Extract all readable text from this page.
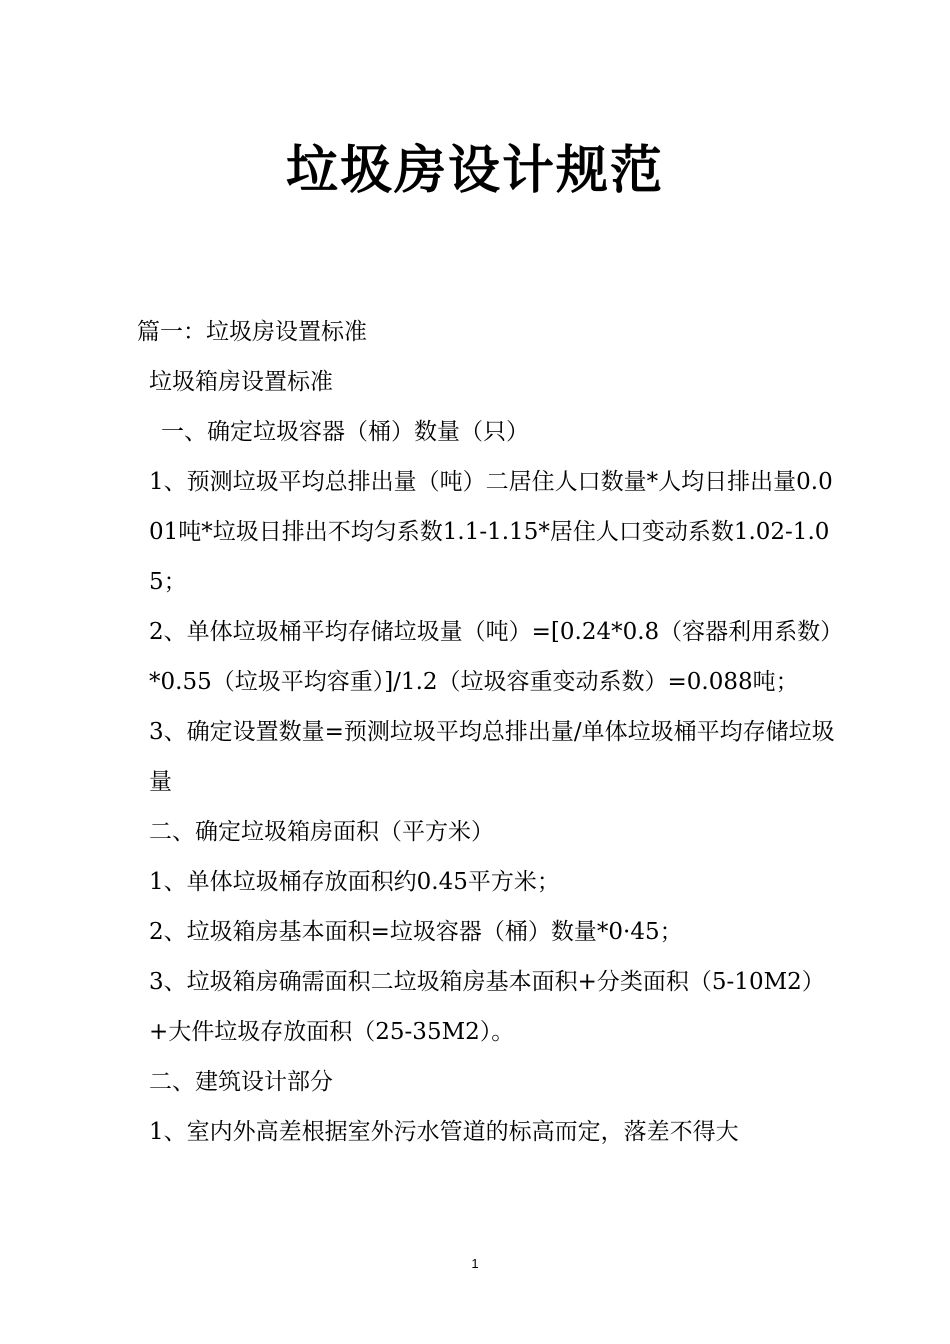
垃圾房设计规范

篇一：垃圾房设置标准

垃圾箱房设置标准

一、确定垃圾容器（桶）数量（只）

1、预测垃圾平均总排出量（吨）二居住人口数量*人均日排出量0.001吨*垃圾日排出不均匀系数1.1-1.15*居住人口变动系数1.02-1.05；

2、单体垃圾桶平均存储垃圾量（吨）=[0.24*0.8（容器利用系数）*0.55（垃圾平均容重）]/1.2（垃圾容重变动系数）=0.088吨；

3、确定设置数量=预测垃圾平均总排出量/单体垃圾桶平均存储垃圾量

二、确定垃圾箱房面积（平方米）

1、单体垃圾桶存放面积约0.45平方米；

2、垃圾箱房基本面积=垃圾容器（桶）数量*0·45；

3、垃圾箱房确需面积二垃圾箱房基本面积+分类面积（5-10M2）+大件垃圾存放面积（25-35M2）。

二、建筑设计部分

1、室内外高差根据室外污水管道的标高而定，落差不得大

1
